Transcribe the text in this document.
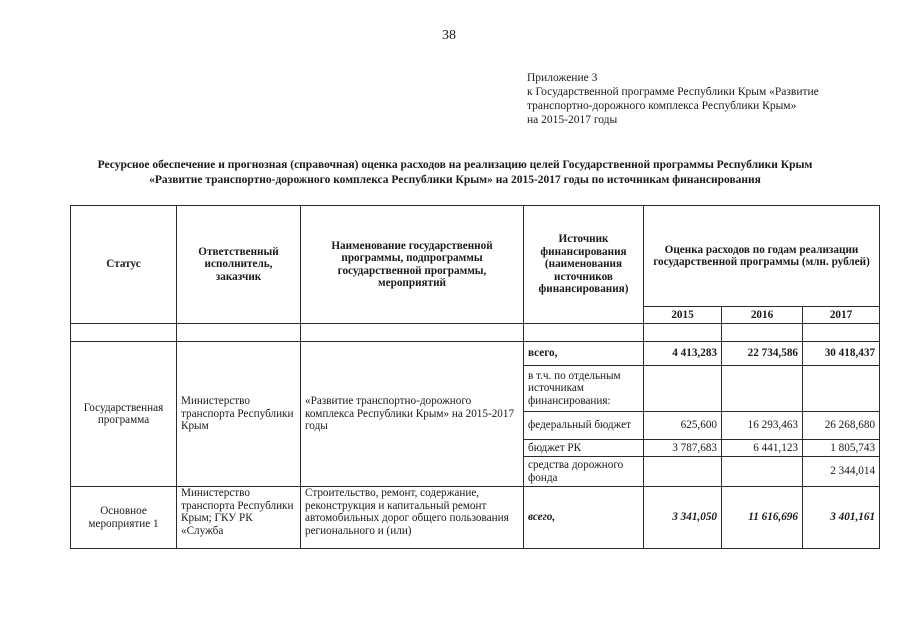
38
Приложение 3
к Государственной программе Республики Крым «Развитие
транспортно-дорожного комплекса Республики Крым»
на 2015-2017 годы
Ресурсное обеспечение и прогнозная (справочная) оценка расходов на реализацию целей Государственной программы Республики Крым
«Развитие транспортно-дорожного комплекса Республики Крым» на 2015-2017 годы по источникам финансирования
Статус	Ответственный исполнитель, заказчик	Наименование государственной программы, подпрограммы государственной программы, мероприятий	Источник финансирования (наименования источников финансирования)	Оценка расходов по годам реализации государственной программы (млн. рублей)		
				2015	2016	2017

Государственная программа	Министерство транспорта Республики Крым	«Развитие транспортно-дорожного комплекса Республики Крым» на 2015-2017 годы	всего,	4 413,283	22 734,586	30 418,437
			в т.ч. по отдельным источникам финансирования:			
			федеральный бюджет	625,600	16 293,463	26 268,680
			бюджет РК	3 787,683	6 441,123	1 805,743
			средства дорожного фонда			2 344,014
Основное мероприятие 1	Министерство транспорта Республики Крым; ГКУ РК «Служба	Строительство, ремонт, содержание, реконструкция и капитальный ремонт автомобильных дорог общего пользования регионального и (или)	всего,	3 341,050	11 616,696	3 401,161
